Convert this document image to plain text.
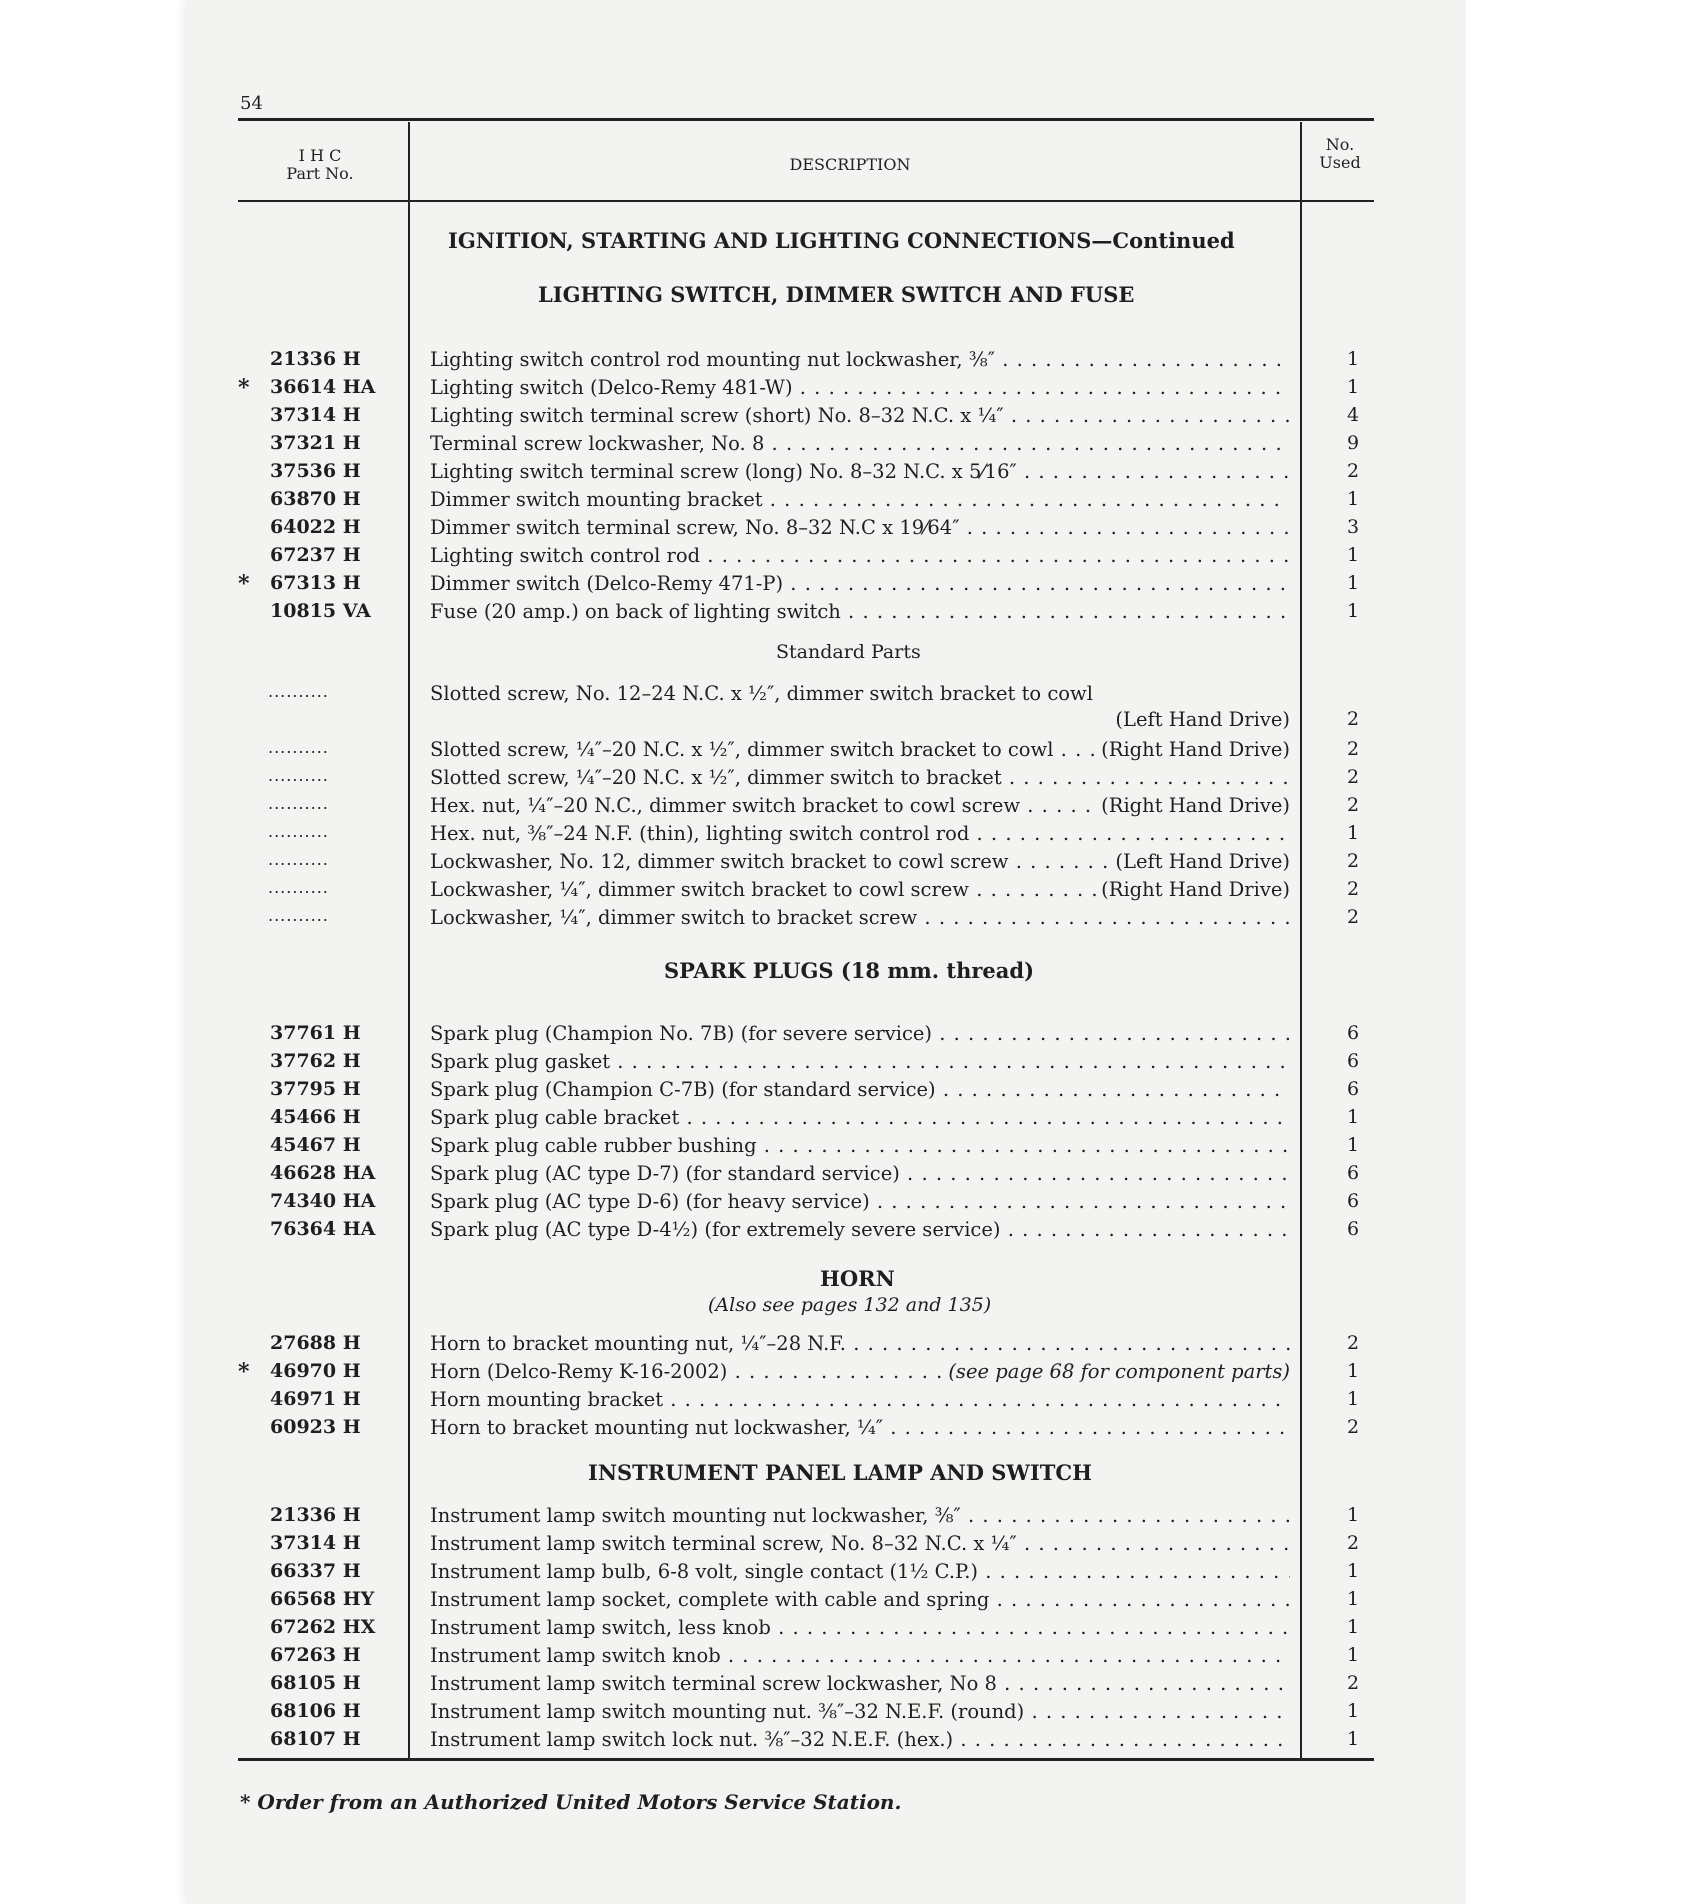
54
I H C
Part No.	DESCRIPTION
No.
Used
IGNITION, STARTING AND LIGHTING CONNECTIONS—Continued
LIGHTING SWITCH, DIMMER SWITCH AND FUSE
Standard Parts
SPARK PLUGS (18 mm. thread)
HORN
(Also see pages 132 and 135)
INSTRUMENT PANEL LAMP AND SWITCH
21336 H	Lighting switch control rod mounting nut lockwasher, ⅜″ . . .	1
* 36614 HA	Lighting switch (Delco-Remy 481-W) . . .	1
37314 H	Lighting switch terminal screw (short) No. 8–32 N.C. x ¼″ . . .	4
37321 H	Terminal screw lockwasher, No. 8 . . .	9
37536 H	Lighting switch terminal screw (long) No. 8–32 N.C. x 5⁄16″ . . .	2
63870 H	Dimmer switch mounting bracket . . .	1
64022 H	Dimmer switch terminal screw, No. 8–32 N.C x 19⁄64″ . . .	3
67237 H	Lighting switch control rod . . .	1
* 67313 H	Dimmer switch (Delco-Remy 471-P) . . .	1
10815 VA	Fuse (20 amp.) on back of lighting switch . . .	1
..........	Slotted screw, No. 12–24 N.C. x ½″, dimmer switch bracket to cowl
(Left Hand Drive)	2
..........	Slotted screw, ¼″–20 N.C. x ½″, dimmer switch bracket to cowl . . .	(Right Hand Drive)	2
..........	Slotted screw, ¼″–20 N.C. x ½″, dimmer switch to bracket . . .	2
..........	Hex. nut, ¼″–20 N.C., dimmer switch bracket to cowl screw . . .	(Right Hand Drive)	2
..........	Hex. nut, ⅜″–24 N.F. (thin), lighting switch control rod . . .	1
..........	Lockwasher, No. 12, dimmer switch bracket to cowl screw . . .	(Left Hand Drive)	2
..........	Lockwasher, ¼″, dimmer switch bracket to cowl screw . . .	(Right Hand Drive)	2
..........	Lockwasher, ¼″, dimmer switch to bracket screw . . .	2
37761 H	Spark plug (Champion No. 7B) (for severe service) . . .	6
37762 H	Spark plug gasket . . .	6
37795 H	Spark plug (Champion C-7B) (for standard service) . . .	6
45466 H	Spark plug cable bracket . . .	1
45467 H	Spark plug cable rubber bushing . . .	1
46628 HA	Spark plug (AC type D-7) (for standard service) . . .	6
74340 HA	Spark plug (AC type D-6) (for heavy service) . . .	6
76364 HA	Spark plug (AC type D-4½) (for extremely severe service) . . .	6
27688 H	Horn to bracket mounting nut, ¼″–28 N.F. . . .	2
* 46970 H	Horn (Delco-Remy K-16-2002) . . .	(see page 68 for component parts)	1
46971 H	Horn mounting bracket . . .	1
60923 H	Horn to bracket mounting nut lockwasher, ¼″ . . .	2
21336 H	Instrument lamp switch mounting nut lockwasher, ⅜″ . . .	1
37314 H	Instrument lamp switch terminal screw, No. 8–32 N.C. x ¼″ . . .	2
66337 H	Instrument lamp bulb, 6-8 volt, single contact (1½ C.P.) . . .	1
66568 HY	Instrument lamp socket, complete with cable and spring . . .	1
67262 HX	Instrument lamp switch, less knob . . .	1
67263 H	Instrument lamp switch knob . . .	1
68105 H	Instrument lamp switch terminal screw lockwasher, No 8 . . .	2
68106 H	Instrument lamp switch mounting nut. ⅜″–32 N.E.F. (round) . . .	1
68107 H	Instrument lamp switch lock nut. ⅜″–32 N.E.F. (hex.) . . .	1
* Order from an Authorized United Motors Service Station.
